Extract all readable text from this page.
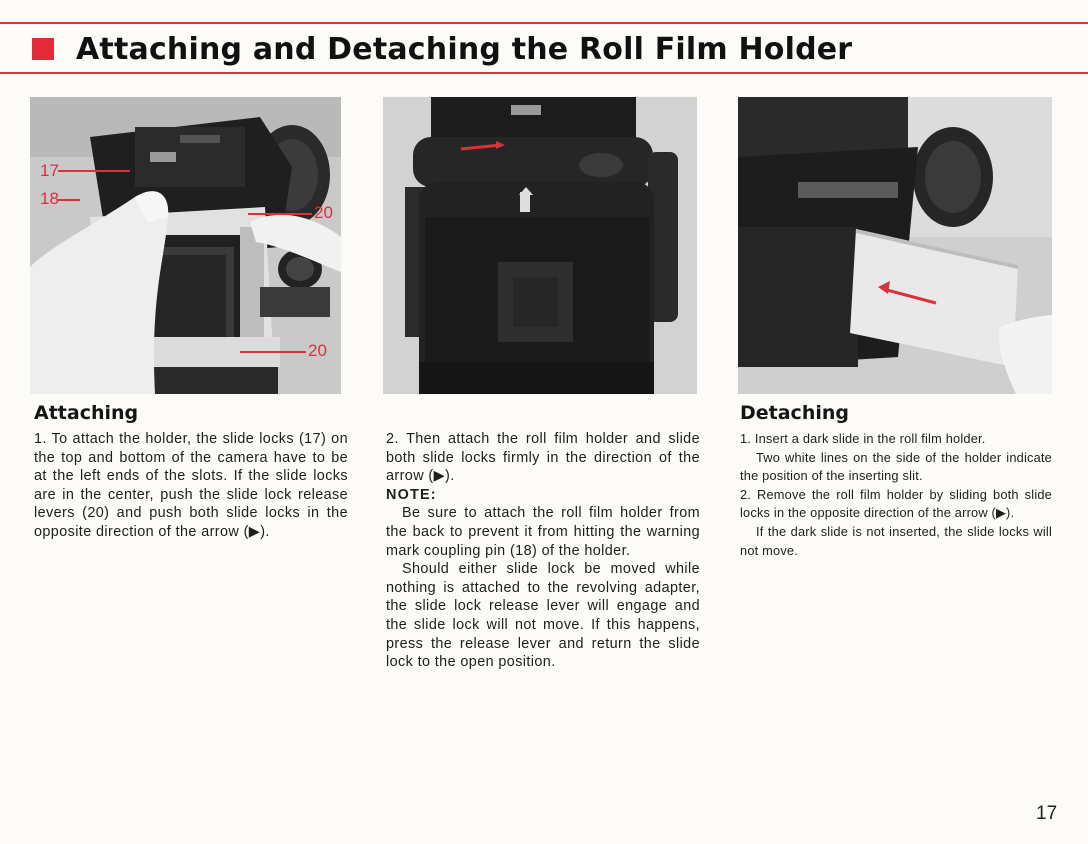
Attaching and Detaching the Roll Film Holder
17
18
20
20
Attaching

1. To attach the holder, the slide locks (17) on the top and bottom of the camera have to be at the left ends of the slots. If the slide locks are in the center, push the slide lock release levers (20) and push both slide locks in the opposite direction of the arrow (▶).

2. Then attach the roll film holder and slide both slide locks firmly in the direction of the arrow (▶).

NOTE:

Be sure to attach the roll film holder from the back to prevent it from hitting the warning mark coupling pin (18) of the holder.

Should either slide lock be moved while nothing is attached to the revolving adapter, the slide lock release lever will engage and the slide lock will not move. If this happens, press the release lever and return the slide lock to the open position.

Detaching

1. Insert a dark slide in the roll film holder.

Two white lines on the side of the holder indicate the position of the inserting slit.

2. Remove the roll film holder by sliding both slide locks in the opposite direction of the arrow (▶).

If the dark slide is not inserted, the slide locks will not move.

17
